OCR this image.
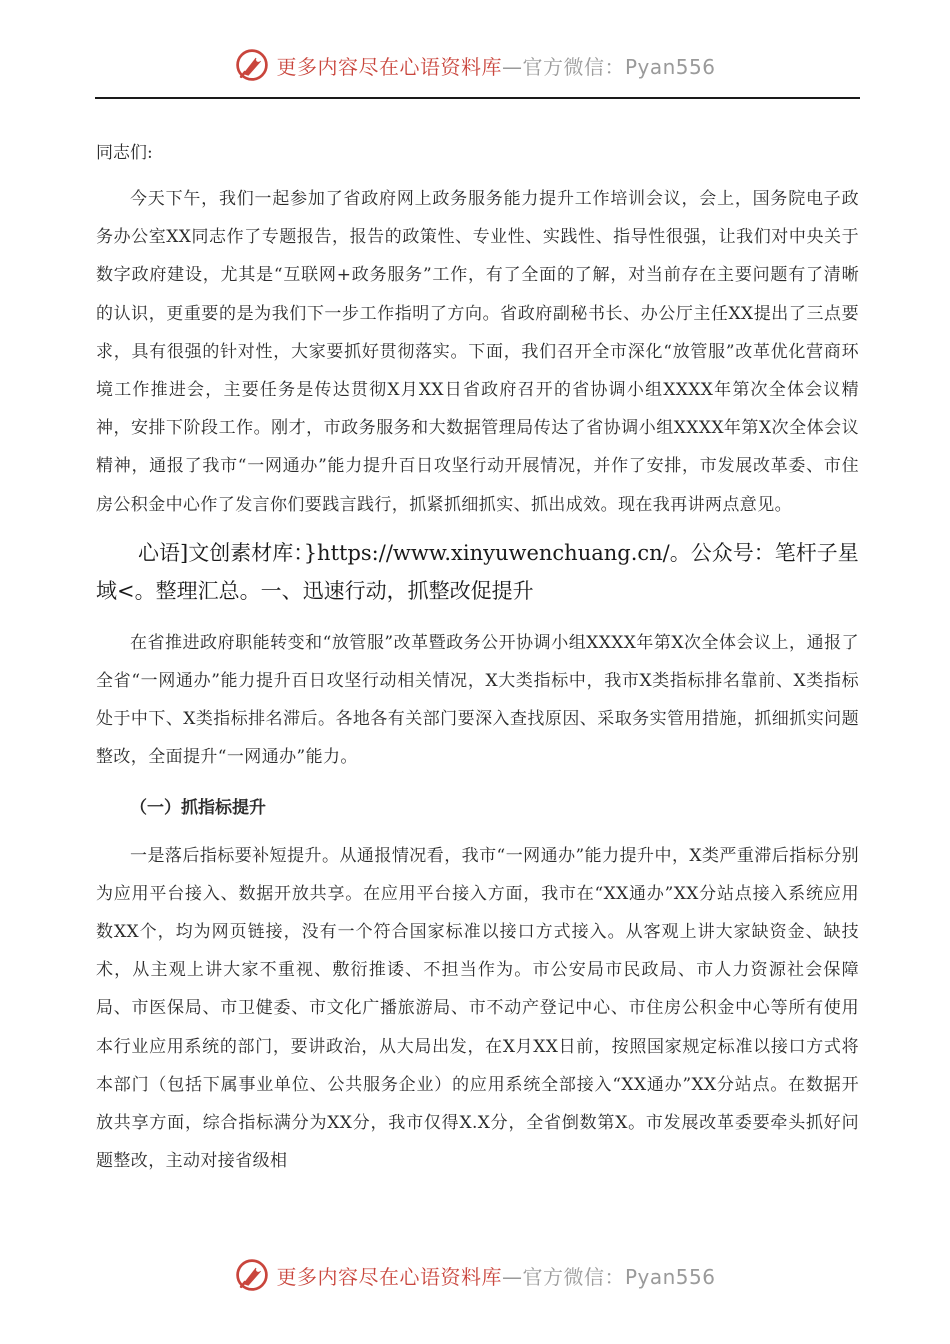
更多内容尽在心语资料库 —官方微信：Pyan556

同志们:

今天下午，我们一起参加了省政府网上政务服务能力提升工作培训会议，会上，国务院电子政务办公室XX同志作了专题报告，报告的政策性、专业性、实践性、指导性很强，让我们对中央关于数字政府建设，尤其是“互联网+政务服务”工作，有了全面的了解，对当前存在主要问题有了清晰的认识，更重要的是为我们下一步工作指明了方向。省政府副秘书长、办公厅主任XX提出了三点要求，具有很强的针对性，大家要抓好贯彻落实。下面，我们召开全市深化“放管服”改革优化营商环境工作推进会，主要任务是传达贯彻X月XX日省政府召开的省协调小组XXXX年第次全体会议精神，安排下阶段工作。刚才，市政务服务和大数据管理局传达了省协调小组XXXX年第X次全体会议精神，通报了我市“一网通办”能力提升百日攻坚行动开展情况，并作了安排，市发展改革委、市住房公积金中心作了发言你们要践言践行，抓紧抓细抓实、抓出成效。现在我再讲两点意见。

心语]文创素材库：}https://www.xinyuwenchuang.cn/。公众号：笔杆子星域<。整理汇总。一、迅速行动，抓整改促提升

在省推进政府职能转变和“放管服”改革暨政务公开协调小组XXXX年第X次全体会议上，通报了全省“一网通办”能力提升百日攻坚行动相关情况，X大类指标中，我市X类指标排名靠前、X类指标处于中下、X类指标排名滞后。各地各有关部门要深入查找原因、采取务实管用措施，抓细抓实问题整改，全面提升“一网通办”能力。

（一）抓指标提升

一是落后指标要补短提升。从通报情况看，我市“一网通办”能力提升中，X类严重滞后指标分别为应用平台接入、数据开放共享。在应用平台接入方面，我市在“XX通办”XX分站点接入系统应用数XX个，均为网页链接，没有一个符合国家标准以接口方式接入。从客观上讲大家缺资金、缺技术，从主观上讲大家不重视、敷衍推诿、不担当作为。市公安局市民政局、市人力资源社会保障局、市医保局、市卫健委、市文化广播旅游局、市不动产登记中心、市住房公积金中心等所有使用本行业应用系统的部门，要讲政治，从大局出发，在X月XX日前，按照国家规定标准以接口方式将本部门（包括下属事业单位、公共服务企业）的应用系统全部接入“XX通办”XX分站点。在数据开放共享方面，综合指标满分为XX分，我市仅得X.X分，全省倒数第X。市发展改革委要牵头抓好问题整改，主动对接省级相

更多内容尽在心语资料库 —官方微信：Pyan556
